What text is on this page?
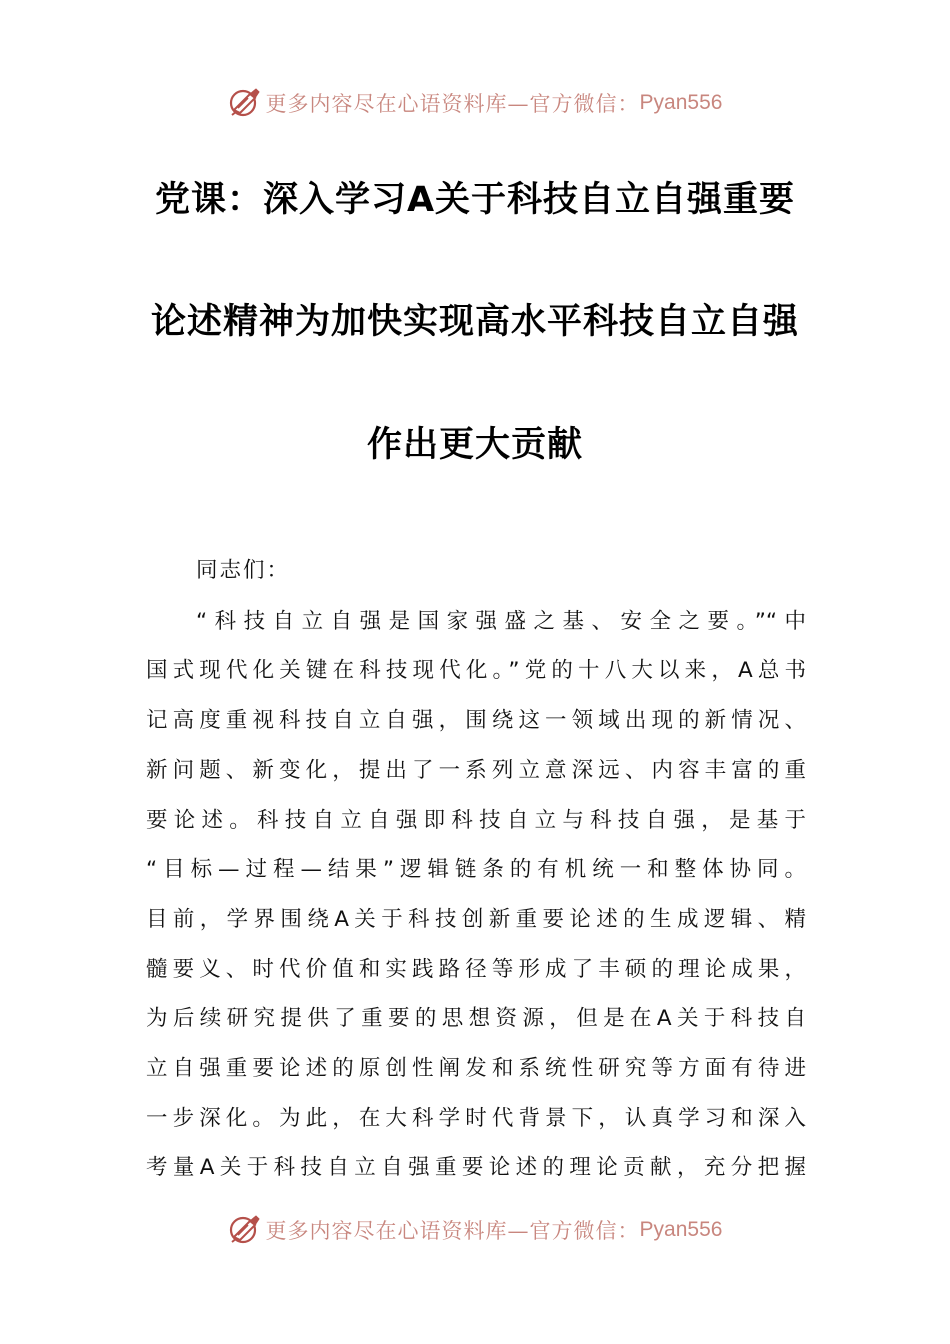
更多内容尽在心语资料库—官方微信： Pyan556
党课：深入学习A关于科技自立自强重要
论述精神为加快实现高水平科技自立自强
作出更大贡献
同志们：
“科技自立自强是国家强盛之基、安全之要。”“中
国式现代化关键在科技现代化。”党的十八大以来，A总书
记高度重视科技自立自强，围绕这一领域出现的新情况、
新问题、新变化，提出了一系列立意深远、内容丰富的重
要论述。科技自立自强即科技自立与科技自强，是基于
“目标—过程—结果”逻辑链条的有机统一和整体协同。
目前，学界围绕A关于科技创新重要论述的生成逻辑、精
髓要义、时代价值和实践路径等形成了丰硕的理论成果，
为后续研究提供了重要的思想资源，但是在A关于科技自
立自强重要论述的原创性阐发和系统性研究等方面有待进
一步深化。为此，在大科学时代背景下，认真学习和深入
考量A关于科技自立自强重要论述的理论贡献，充分把握
更多内容尽在心语资料库—官方微信： Pyan556
